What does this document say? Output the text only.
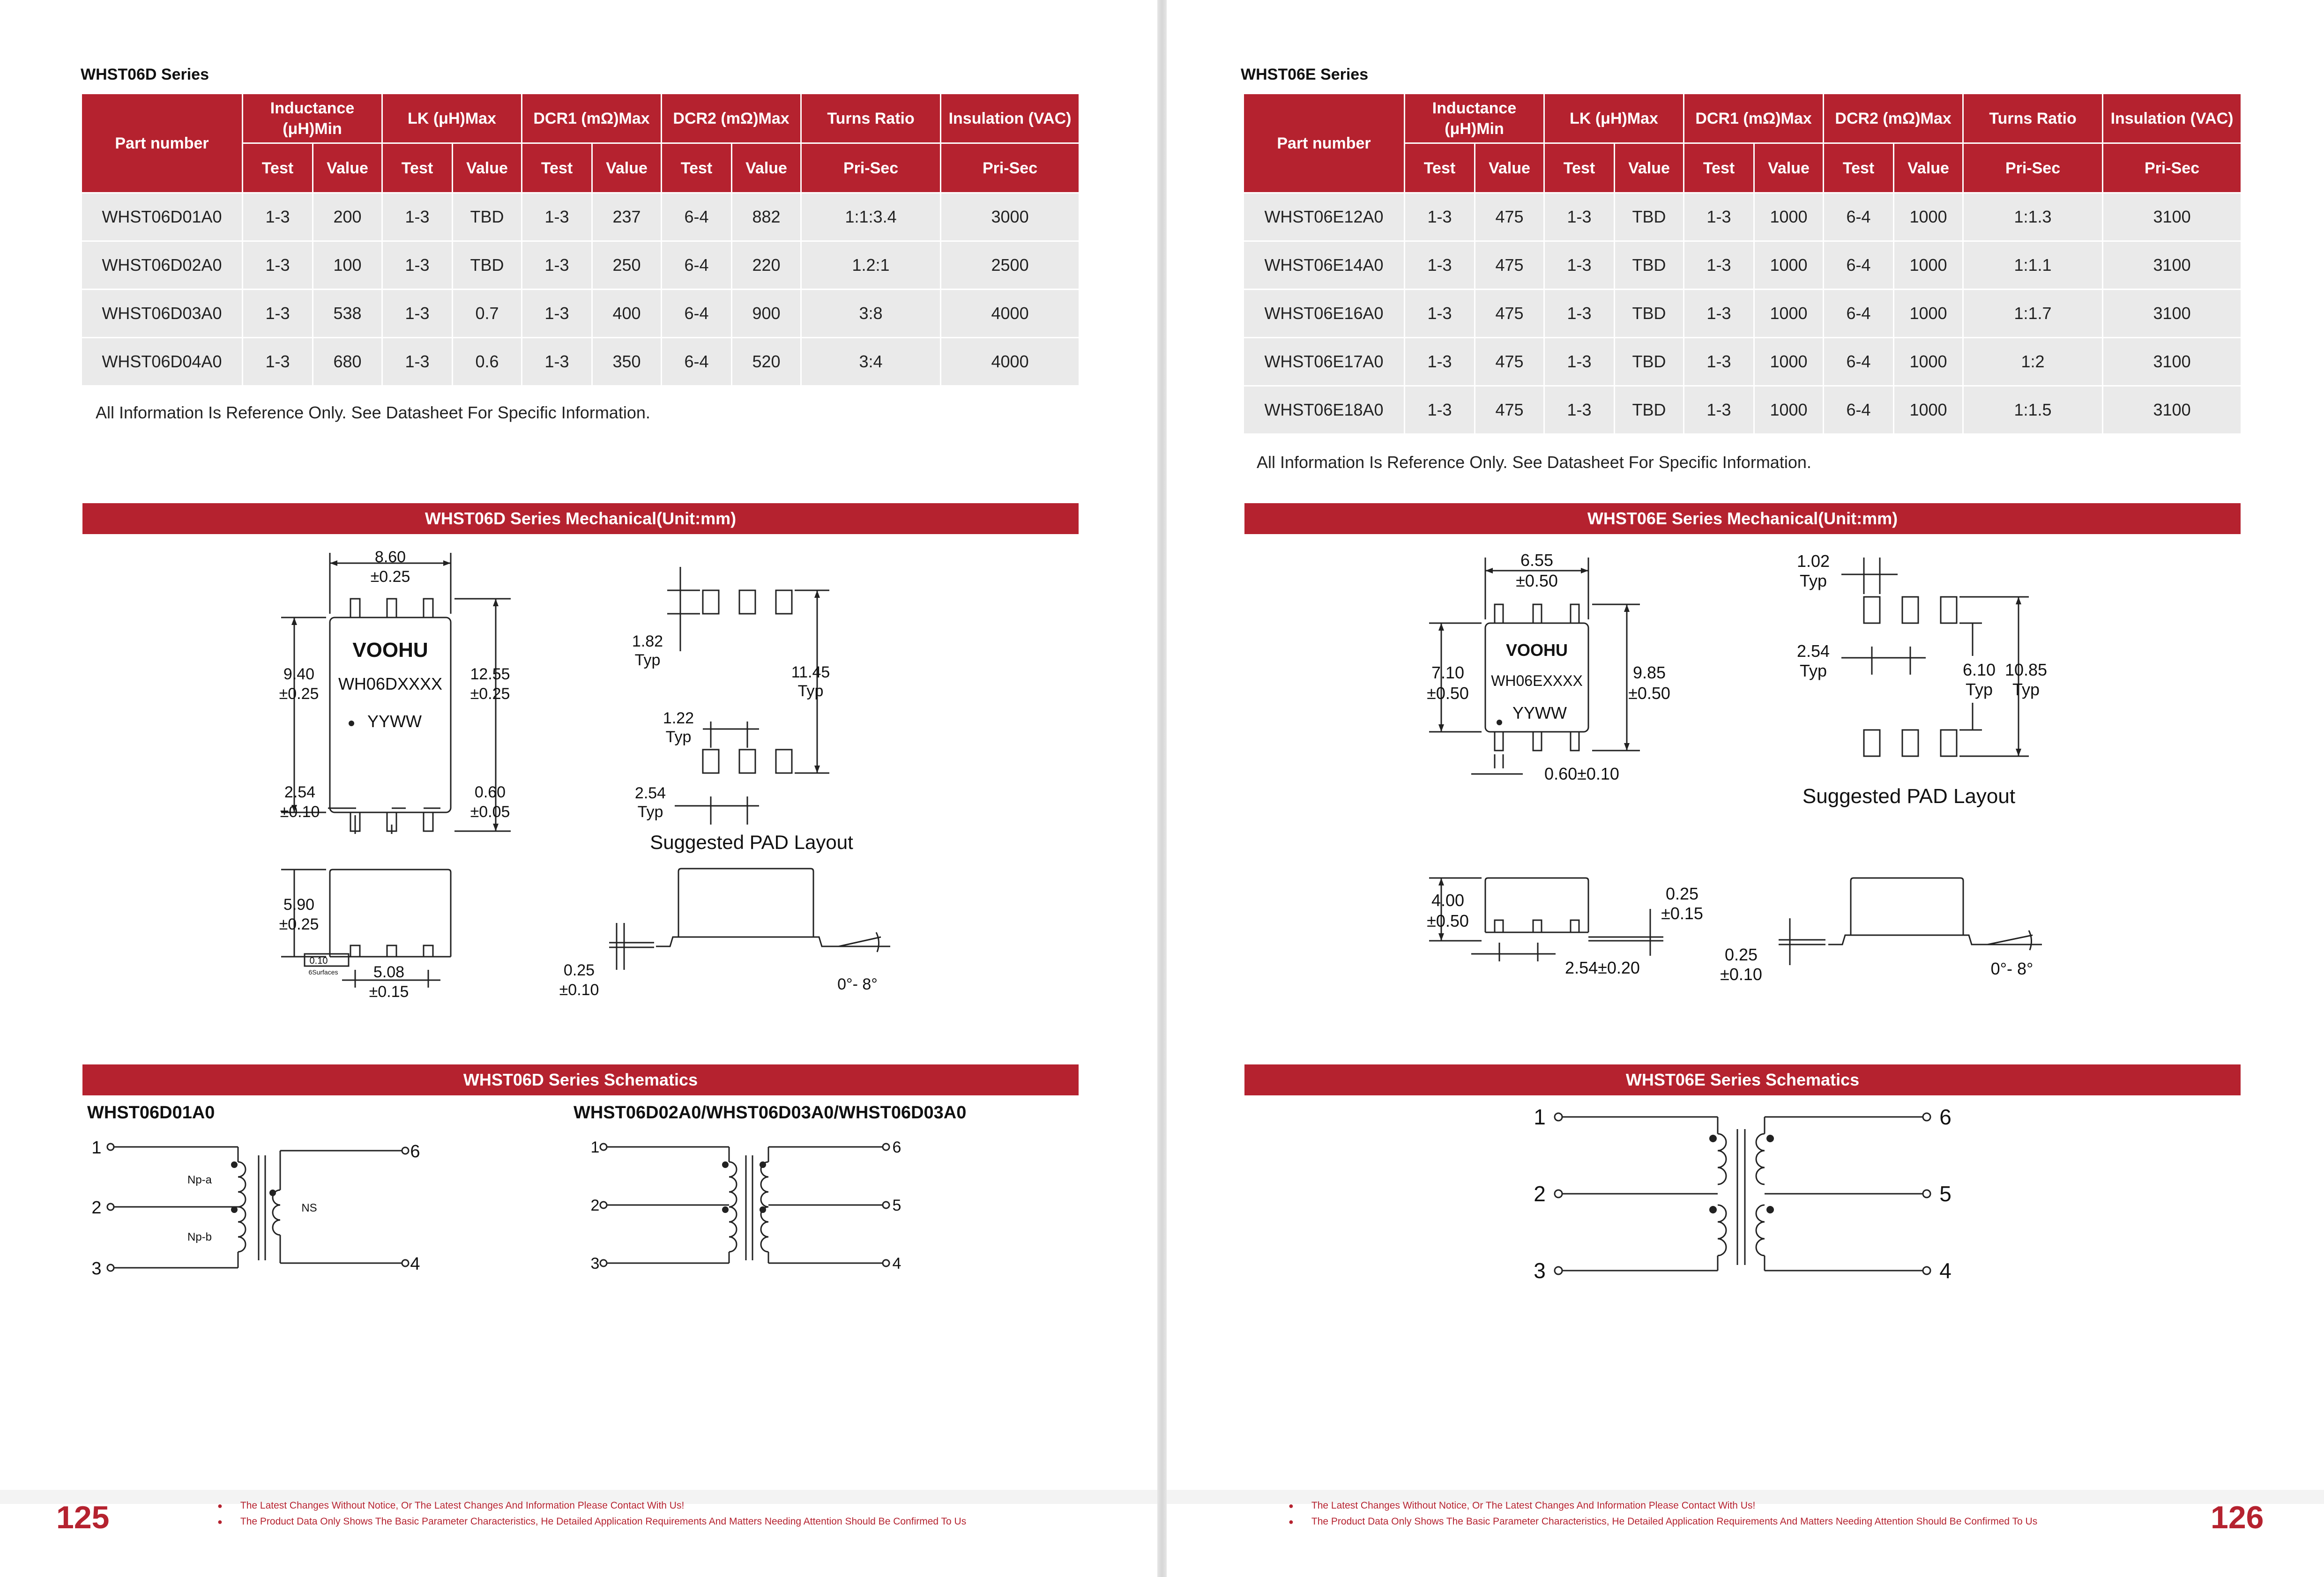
WHST06D Series
Part number	Inductance (μH)Min		LK (μH)Max		DCR1 (mΩ)Max		DCR2 (mΩ)Max		Turns Ratio	Insulation (VAC)
	Test	Value	Test	Value	Test	Value	Test	Value	Pri-Sec	Pri-Sec
WHST06D01A0	1-3	200	1-3	TBD	1-3	237	6-4	882	1:1:3.4	3000
WHST06D02A0	1-3	100	1-3	TBD	1-3	250	6-4	220	1.2:1	2500
WHST06D03A0	1-3	538	1-3	0.7	1-3	400	6-4	900	3:8	4000
WHST06D04A0	1-3	680	1-3	0.6	1-3	350	6-4	520	3:4	4000
All Information Is Reference Only. See Datasheet For Specific Information.
WHST06D Series Mechanical(Unit:mm)
8.60
±0.25
9.40
±0.25
12.55
±0.25
2.54
±0.10
0.60
±0.05
1.82
Typ
11.45
Typ
1.22
Typ
2.54
Typ
Suggested PAD Layout
5.90
±0.25
0.10
6Surfaces 5.08
±0.15
0.25
±0.10	0°- 8°
VOOHU
WH06DXXXX
YYWW
WHST06D Series Schematics
WHST06D01A0	WHST06D02A0/WHST06D03A0/WHST06D03A0
1
2
3
6
4
1
2
3
6
5
4
Np-a
Np-b
NS
125	● The Latest Changes Without Notice, Or The Latest Changes And Information Please Contact With Us!
● The Product Data Only Shows The Basic Parameter Characteristics, He Detailed Application Requirements And Matters Needing Attention Should Be Confirmed To Us
WHST06E Series
Part number	Inductance (μH)Min		LK (μH)Max		DCR1 (mΩ)Max		DCR2 (mΩ)Max		Turns Ratio	Insulation (VAC)
	Test	Value	Test	Value	Test	Value	Test	Value	Pri-Sec	Pri-Sec
WHST06E12A0	1-3	475	1-3	TBD	1-3	1000	6-4	1000	1:1.3	3100
WHST06E14A0	1-3	475	1-3	TBD	1-3	1000	6-4	1000	1:1.1	3100
WHST06E16A0	1-3	475	1-3	TBD	1-3	1000	6-4	1000	1:1.7	3100
WHST06E17A0	1-3	475	1-3	TBD	1-3	1000	6-4	1000	1:2	3100
WHST06E18A0	1-3	475	1-3	TBD	1-3	1000	6-4	1000	1:1.5	3100
All Information Is Reference Only. See Datasheet For Specific Information.
WHST06E Series Mechanical(Unit:mm)
6.55
±0.50
7.10
±0.50
9.85
±0.50
0.60±0.10
1.02
Typ
2.54
Typ	6.10
Typ
10.85
Typ
Suggested PAD Layout
4.00
±0.50
0.25
±0.15
2.54±0.20
0.25
±0.10	0°- 8°
VOOHU
WH06EXXXX
YYWW
WHST06E Series Schematics
1
2
3
6
5
4
126
● The Latest Changes Without Notice, Or The Latest Changes And Information Please Contact With Us!
● The Product Data Only Shows The Basic Parameter Characteristics, He Detailed Application Requirements And Matters Needing Attention Should Be Confirmed To Us
